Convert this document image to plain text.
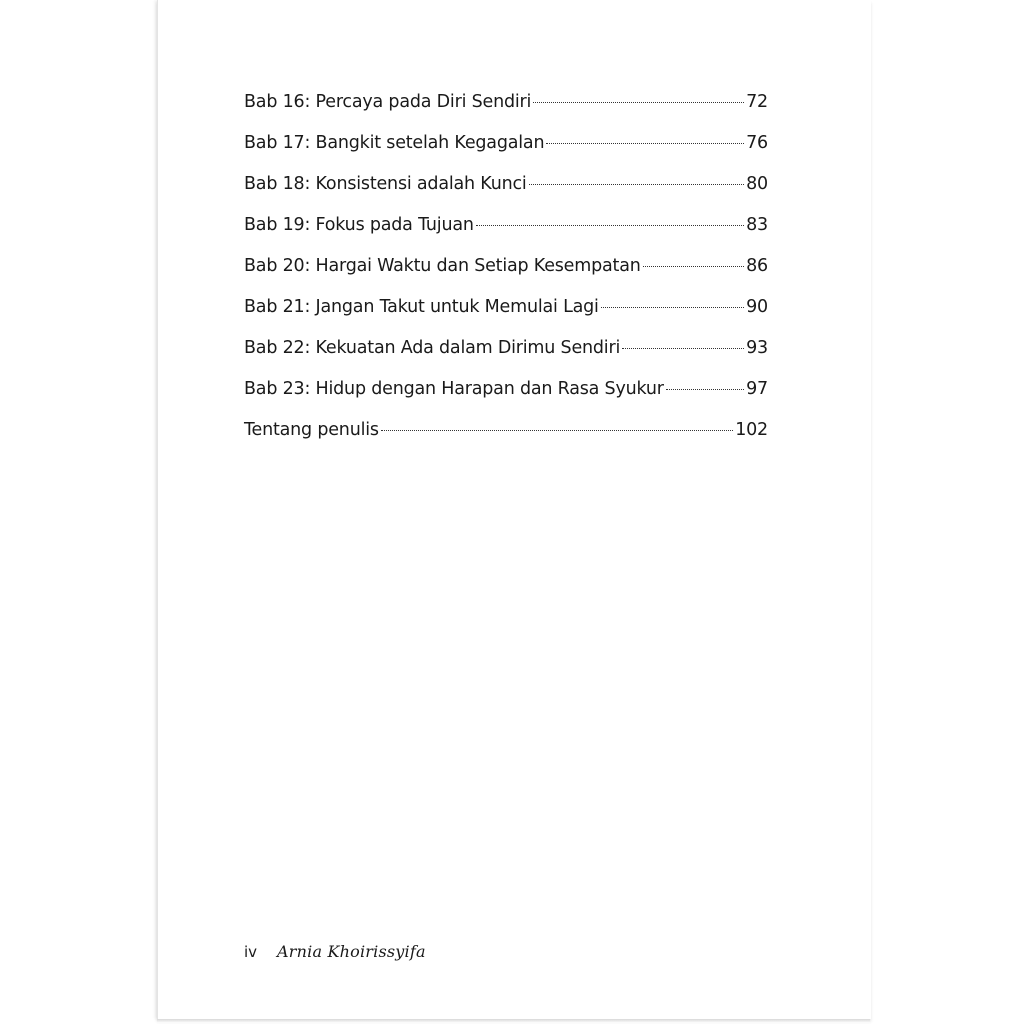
Bab 16: Percaya pada Diri Sendiri	72
Bab 17: Bangkit setelah Kegagalan	76
Bab 18: Konsistensi adalah Kunci	80
Bab 19: Fokus pada Tujuan	83
Bab 20: Hargai Waktu dan Setiap Kesempatan	86
Bab 21: Jangan Takut untuk Memulai Lagi	90
Bab 22: Kekuatan Ada dalam Dirimu Sendiri	93
Bab 23: Hidup dengan Harapan dan Rasa Syukur	97
Tentang penulis	102
iv Arnia Khoirissyifa
